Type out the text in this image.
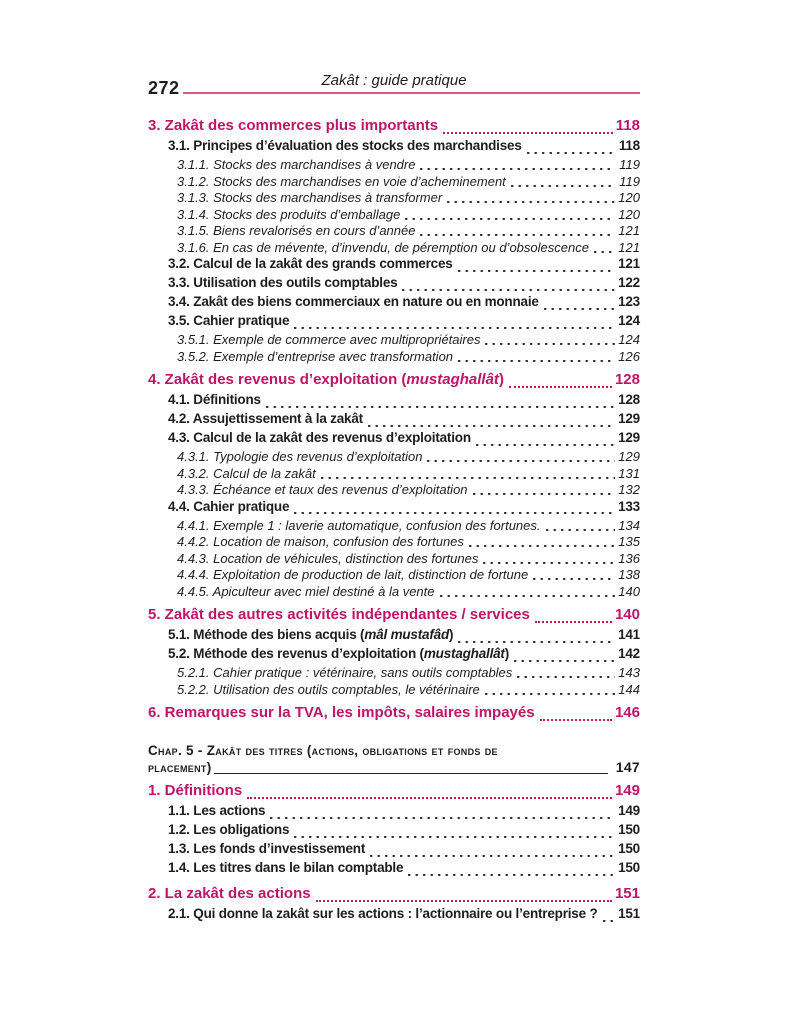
272	Zakât : guide pratique
3. Zakât des commerces plus importants	118
3.1. Principes d’évaluation des stocks des marchandises	118
3.1.1. Stocks des marchandises à vendre	119
3.1.2. Stocks des marchandises en voie d’acheminement	119
3.1.3. Stocks des marchandises à transformer	120
3.1.4. Stocks des produits d’emballage	120
3.1.5. Biens revalorisés en cours d’année	121
3.1.6. En cas de mévente, d’invendu, de péremption ou d’obsolescence 121
3.2. Calcul de la zakât des grands commerces	121
3.3. Utilisation des outils comptables	122
3.4. Zakât des biens commerciaux en nature ou en monnaie	123
3.5. Cahier pratique	124
3.5.1. Exemple de commerce avec multipropriétaires	124
3.5.2. Exemple d’entreprise avec transformation	126
4. Zakât des revenus d’exploitation (mustaghallât)	128
4.1. Définitions	128
4.2. Assujettissement à la zakât	129
4.3. Calcul de la zakât des revenus d’exploitation	129
4.3.1. Typologie des revenus d’exploitation	129
4.3.2. Calcul de la zakât	131
4.3.3. Échéance et taux des revenus d’exploitation	132
4.4. Cahier pratique	133
4.4.1. Exemple 1 : laverie automatique, confusion des fortunes.	134
4.4.2. Location de maison, confusion des fortunes	135
4.4.3. Location de véhicules, distinction des fortunes	136
4.4.4. Exploitation de production de lait, distinction de fortune	138
4.4.5. Apiculteur avec miel destiné à la vente	140
5. Zakât des autres activités indépendantes / services	140
5.1. Méthode des biens acquis (mâl mustafâd)	141
5.2. Méthode des revenus d’exploitation (mustaghallât)	142
5.2.1. Cahier pratique : vétérinaire, sans outils comptables	143
5.2.2. Utilisation des outils comptables, le vétérinaire	144
6. Remarques sur la TVA, les impôts, salaires impayés	146
Chap. 5 - Zakât des titres (actions, obligations et fonds de
placement)	147
1. Définitions	149
1.1. Les actions	149
1.2. Les obligations	150
1.3. Les fonds d’investissement	150
1.4. Les titres dans le bilan comptable	150
2. La zakât des actions	151
2.1. Qui donne la zakât sur les actions : l’actionnaire ou l’entreprise ? 151
